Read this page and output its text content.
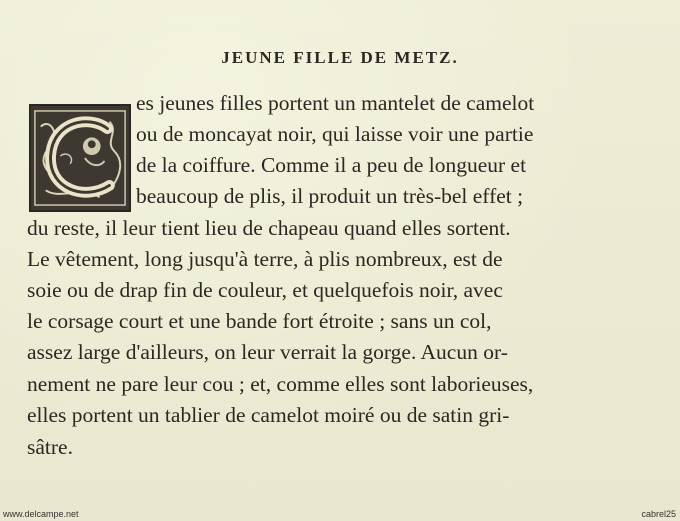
JEUNE FILLE DE METZ.
es jeunes filles portent un mantelet de camelot
ou de moncayat noir, qui laisse voir une partie
de la coiffure. Comme il a peu de longueur et
beaucoup de plis, il produit un très-bel effet ;
du reste, il leur tient lieu de chapeau quand elles sortent.
Le vêtement, long jusqu'à terre, à plis nombreux, est de
soie ou de drap fin de couleur, et quelquefois noir, avec
le corsage court et une bande fort étroite ; sans un col,
assez large d'ailleurs, on leur verrait la gorge. Aucun or-
nement ne pare leur cou ; et, comme elles sont laborieuses,
elles portent un tablier de camelot moiré ou de satin gri-
sâtre.
www.delcampe.net	cabrel25
